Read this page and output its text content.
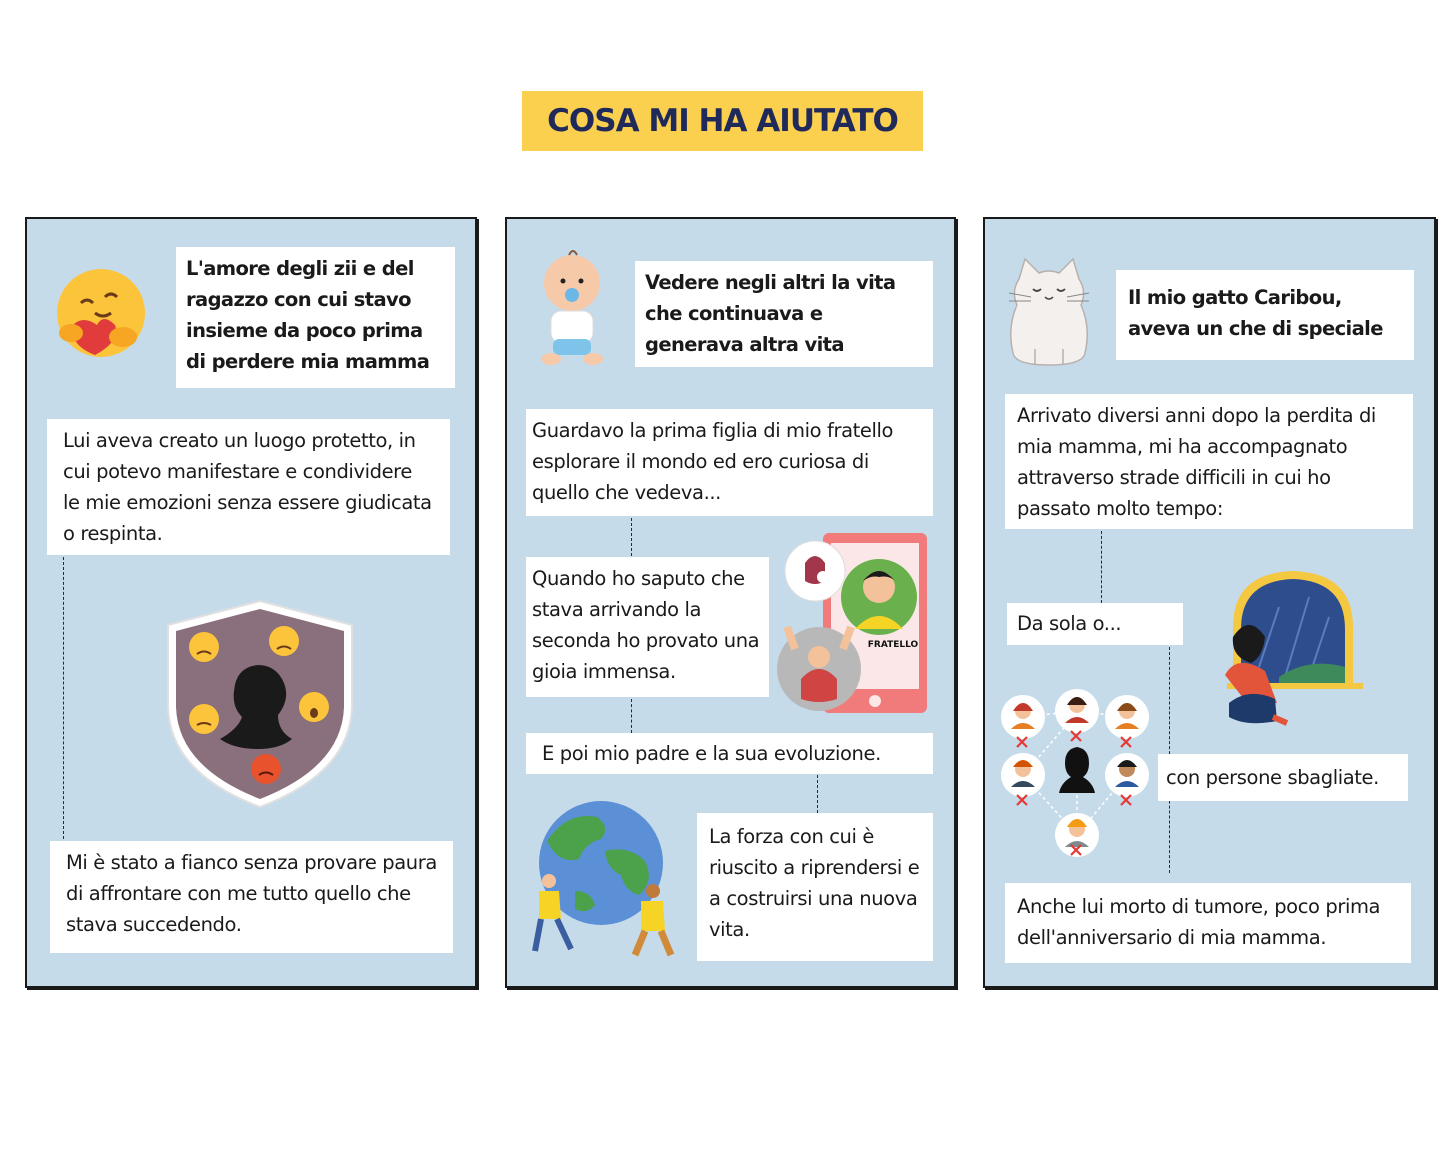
COSA MI HA AIUTATO
L'amore degli zii e del ragazzo con cui stavo insieme da poco prima di perdere mia mamma
Lui aveva creato un luogo protetto, in cui potevo manifestare e condividere le mie emozioni senza essere giudicata o respinta.
Mi è stato a fianco senza provare paura di affrontare con me tutto quello che stava succedendo.
Vedere negli altri la vita che continuava e generava altra vita
Guardavo la prima figlia di mio fratello esplorare il mondo ed ero curiosa di quello che vedeva...
Quando ho saputo che stava arrivando la seconda ho provato una gioia immensa.
FRATELLO
E poi mio padre e la sua evoluzione.
La forza con cui è riuscito a riprendersi e a costruirsi una nuova vita.
Il mio gatto Caribou, aveva un che di speciale
Arrivato diversi anni dopo la perdita di mia mamma, mi ha accompagnato attraverso strade difficili in cui ho passato molto tempo:
Da sola o...
con persone sbagliate.
Anche lui morto di tumore, poco prima dell'anniversario di mia mamma.
